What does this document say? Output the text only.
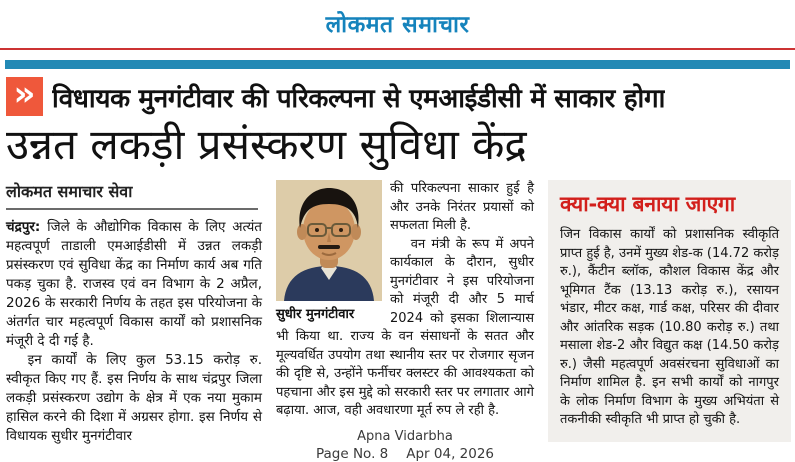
लोकमत समाचार
» विधायक मुनगंटीवार की परिकल्पना से एमआईडीसी में साकार होगा
उन्नत लकड़ी प्रसंस्करण सुविधा केंद्र
लोकमत समाचार सेवा

चंद्रपुर: जिले के औद्योगिक विकास के लिए अत्यंत महत्वपूर्ण ताडाली एमआईडीसी में उन्नत लकड़ी प्रसंस्करण एवं सुविधा केंद्र का निर्माण कार्य अब गति पकड़ चुका है. राजस्व एवं वन विभाग के 2 अप्रैल, 2026 के सरकारी निर्णय के तहत इस परियोजना के अंतर्गत चार महत्वपूर्ण विकास कार्यों को प्रशासनिक मंजूरी दे दी गई है.

इन कार्यों के लिए कुल 53.15 करोड़ रु. स्वीकृत किए गए हैं. इस निर्णय के साथ चंद्रपुर जिला लकड़ी प्रसंस्करण उद्योग के क्षेत्र में एक नया मुकाम हासिल करने की दिशा में अग्रसर होगा. इस निर्णय से विधायक सुधीर मुनगंटीवार

सुधीर मुनगंटीवार

की परिकल्पना साकार हुई है और उनके निरंतर प्रयासों को सफलता मिली है.

वन मंत्री के रूप में अपने कार्यकाल के दौरान, सुधीर मुनगंटीवार ने इस परियोजना को मंजूरी दी और 5 मार्च 2024 को इसका शिलान्यास भी किया था. राज्य के वन संसाधनों के सतत और मूल्यवर्धित उपयोग तथा स्थानीय स्तर पर रोजगार सृजन की दृष्टि से, उन्होंने फर्नीचर क्लस्टर की आवश्यकता को पहचाना और इस मुद्दे को सरकारी स्तर पर लगातार आगे बढ़ाया. आज, वही अवधारणा मूर्त रुप ले रही है.

Apna Vidarbha
Page No. 8 Apr 04, 2026
क्या-क्या बनाया जाएगा

जिन विकास कार्यों को प्रशासनिक स्वीकृति प्राप्त हुई है, उनमें मुख्य शेड-क (14.72 करोड़ रु.), कैंटीन ब्लॉक, कौशल विकास केंद्र और भूमिगत टैंक (13.13 करोड़ रु.), रसायन भंडार, मीटर कक्ष, गार्ड कक्ष, परिसर की दीवार और आंतरिक सड़क (10.80 करोड़ रु.) तथा मसाला शेड-2 और विद्युत कक्ष (14.50 करोड़ रु.) जैसी महत्वपूर्ण अवसंरचना सुविधाओं का निर्माण शामिल है. इन सभी कार्यों को नागपुर के लोक निर्माण विभाग के मुख्य अभियंता से तकनीकी स्वीकृति भी प्राप्त हो चुकी है.
